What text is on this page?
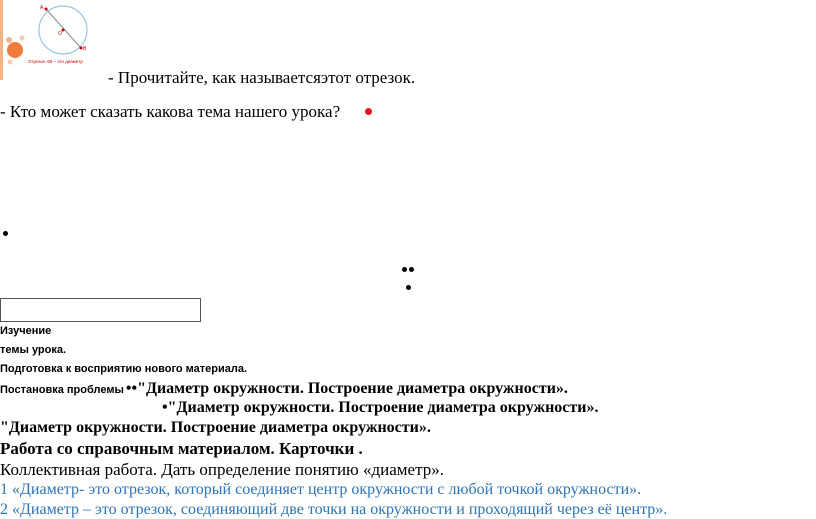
А
О
В
Отрезок АВ – это диаметр
- Прочитайте, как называетсяэтот отрезок.
- Кто может сказать какова тема нашего урока?
Изучение
темы урока.
Подготовка к восприятию нового материала.
Постановка проблемы ••"Диаметр окружности. Построение диаметра окружности».
•"Диаметр окружности. Построение диаметра окружности».
"Диаметр окружности. Построение диаметра окружности».
Работа со справочным материалом. Карточки .
Коллективная работа. Дать определение понятию «диаметр».
1 «Диаметр- это отрезок, который соединяет центр окружности с любой точкой окружности».
2 «Диаметр – это отрезок, соединяющий две точки на окружности и проходящий через её центр».
